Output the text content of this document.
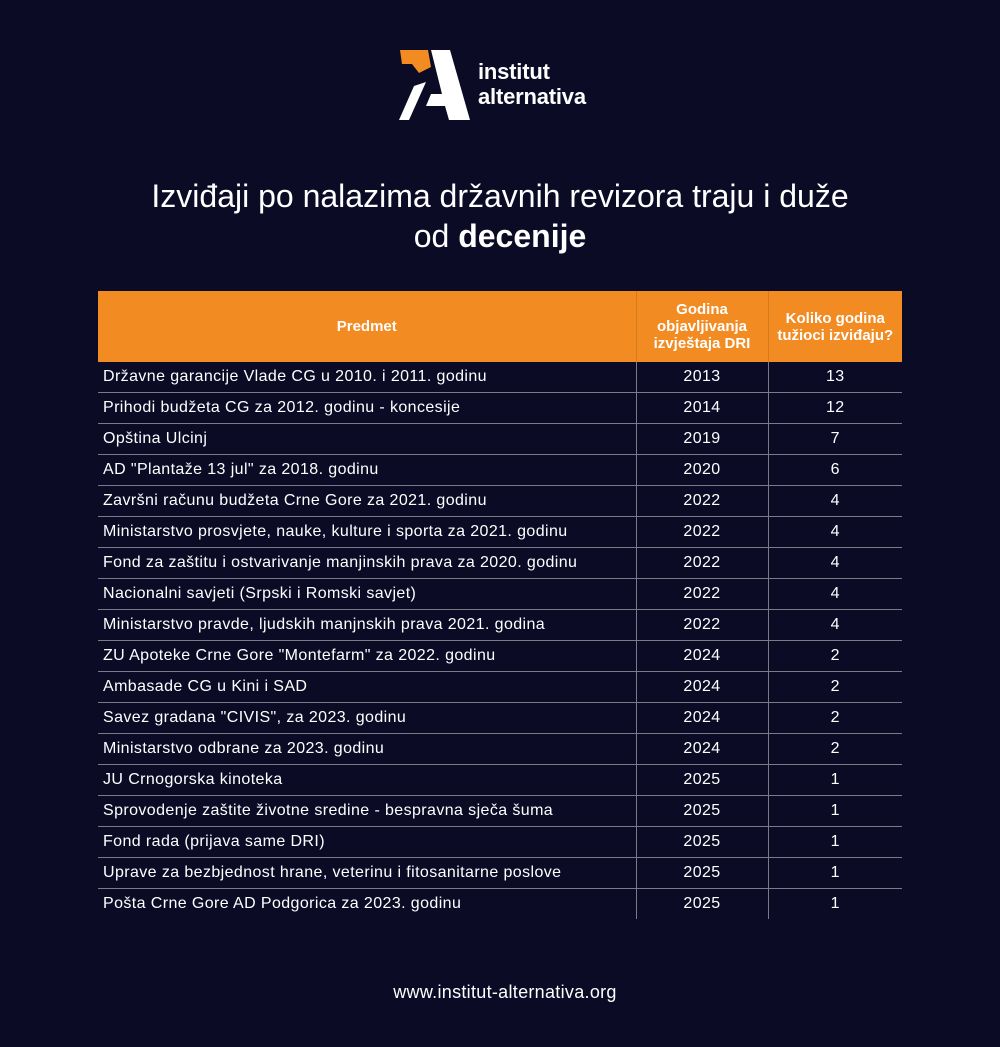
institut
alternativa
Izviđaji po nalazima državnih revizora traju i duže
od decenije
Predmet	Godina objavljivanja izvještaja DRI	Koliko godina tužioci izviđaju?
Državne garancije Vlade CG u 2010. i 2011. godinu	2013	13
Prihodi budžeta CG za 2012. godinu - koncesije	2014	12
Opština Ulcinj	2019	7
AD "Plantaže 13 jul" za 2018. godinu	2020	6
Završni računu budžeta Crne Gore za 2021. godinu	2022	4
Ministarstvo prosvjete, nauke, kulture i sporta za 2021. godinu	2022	4
Fond za zaštitu i ostvarivanje manjinskih prava za 2020. godinu	2022	4
Nacionalni savjeti (Srpski i Romski savjet)	2022	4
Ministarstvo pravde, ljudskih manjnskih prava 2021. godina	2022	4
ZU Apoteke Crne Gore "Montefarm" za 2022. godinu	2024	2
Ambasade CG u Kini i SAD	2024	2
Savez gradana "CIVIS", za 2023. godinu	2024	2
Ministarstvo odbrane za 2023. godinu	2024	2
JU Crnogorska kinoteka	2025	1
Sprovodenje zaštite životne sredine - bespravna sječa šuma	2025	1
Fond rada (prijava same DRI)	2025	1
Uprave za bezbjednost hrane, veterinu i fitosanitarne poslove	2025	1
Pošta Crne Gore AD Podgorica za 2023. godinu	2025	1
www.institut-alternativa.org
